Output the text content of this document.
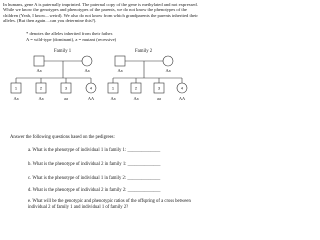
In humans, gene A is paternally imprinted. The paternal copy of the gene is methylated and not expressed. While we know the genotypes and phenotypes of the parents, we do not know the phenotypes of the children (Yeah, I know....weird). We also do not know from which grandparents the parents inherited their alleles. (But then again....can you determine this?).

* denotes the alleles inherited from their father.
A = wild-type (dominant), a = mutant (recessive)
Family 1	Family 2
1	2	3	4	1	2	3	4
Aa	Aa	Aa	Aa
Aa	Aa	aa	AA	Aa	Aa	aa	AA
Answer the following questions based on the pedigrees:
a. What is the phenotype of individual 1 in family 1: ______________
b. What is the phenotype of individual 2 in family 1: ______________
c. What is the phenotype of individual 1 in family 2: ______________
d. What is the phenotype of individual 2 in family 2: ______________
e. What will be the genotypic and phenotypic ratios of the offspring of a cross between individual 2 of family 1 and individual 1 of family 2?
